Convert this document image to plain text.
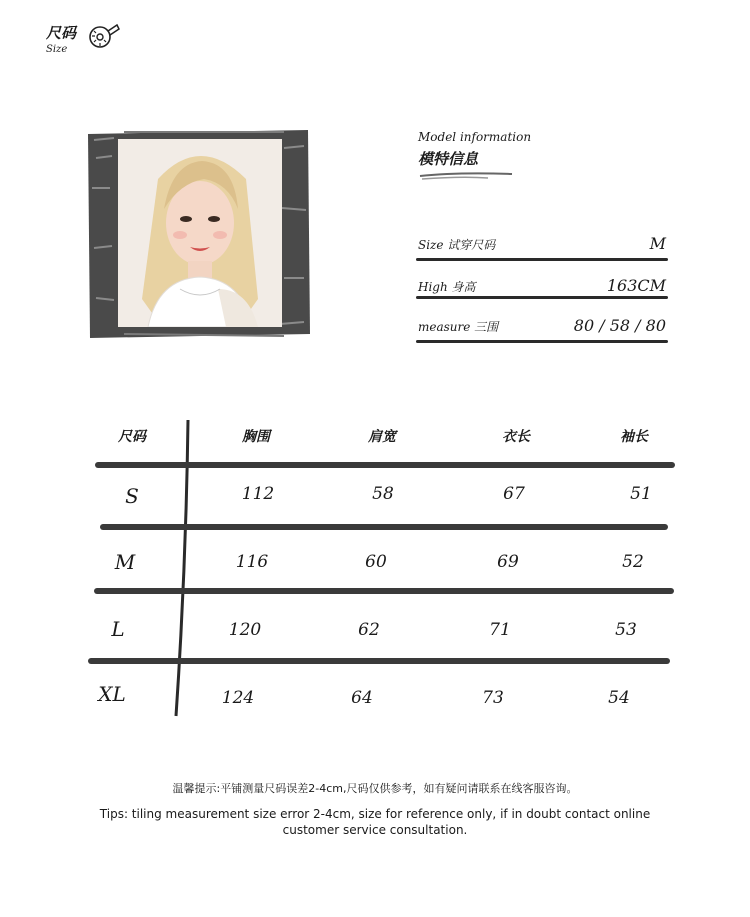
尺码
Size
Model information
模特信息
Size 试穿尺码	M
High 身高	163CM
measure 三围	80 / 58 / 80
尺码	胸围	肩宽	衣长	袖长
S	112	58	67	51
M	116	60	69	52
L	120	62	71	53
XL	124	64	73	54
温馨提示:平铺测量尺码误差2-4cm,尺码仅供参考，如有疑问请联系在线客服咨询。
Tips: tiling measurement size error 2-4cm, size for reference only, if in doubt contact online customer service consultation.
